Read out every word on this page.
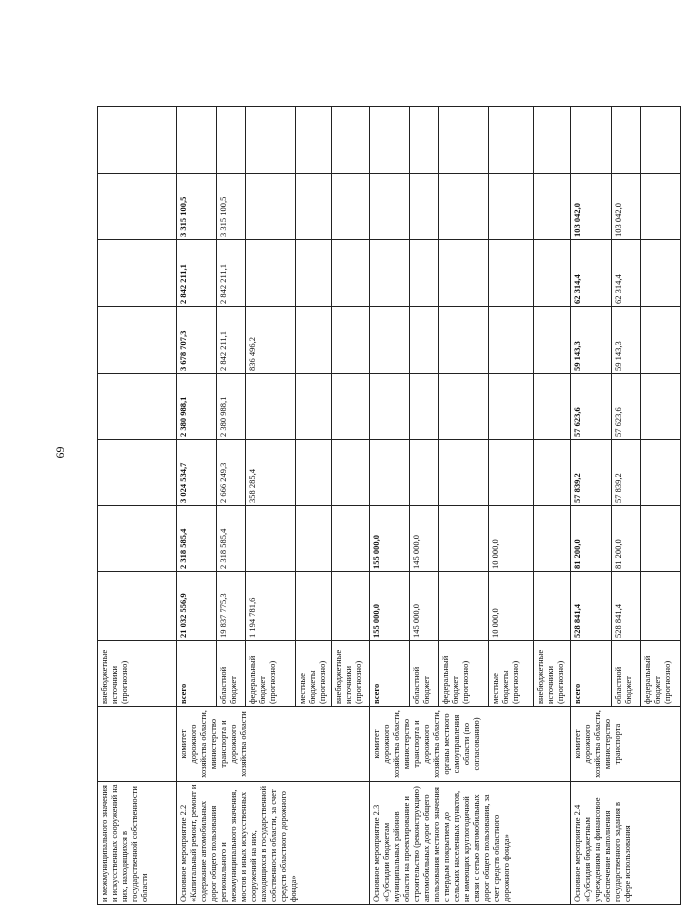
69
и межмуниципального значения и искусственных сооружений на них, находящихся в государственной собственности области		внебюджетные источники (прогнозно)									
Основное мероприятие 2.2 «Капитальный ремонт, ремонт и содержание автомобильных дорог общего пользования регионального и межмуниципального значения, мостов и иных искусственных сооружений на них, находящихся в государственной собственности области, за счет средств областного дорожного фонда»	комитет дорожного хозяйства области, министерство транспорта и дорожного хозяйства области	всего	21 032 556,9	2 318 585,4	3 024 534,7	2 380 988,1	3 678 707,3	2 842 211,1	3 315 100,5		
		областной бюджет	19 837 775,3	2 318 585,4	2 666 249,3	2 380 988,1	2 842 211,1	2 842 211,1	3 315 100,5		
		федеральный бюджет (прогнозно)	1 194 781,6		358 285,4		836 496,2				
		местные бюджеты (прогнозно)									
		внебюджетные источники (прогнозно)									
Основное мероприятие 2.3 «Субсидии бюджетам муниципальных районов области на проектирование и строительство (реконструкцию) автомобильных дорог общего пользования местного значения с твердым покрытием до сельских населенных пунктов, не имеющих круглогодичной связи с сетью автомобильных дорог общего пользования, за счет средств областного дорожного фонда»	комитет дорожного хозяйства области, министерство транспорта и дорожного хозяйства области, органы местного самоуправления области (по согласованию)	всего	155 000,0	155 000,0							
		областной бюджет	145 000,0	145 000,0							
		федеральный бюджет (прогнозно)									
		местные бюджеты (прогнозно)	10 000,0	10 000,0							
		внебюджетные источники (прогнозно)									
Основное мероприятие 2.4 «Субсидия бюджетным учреждениям на финансовое обеспечение выполнения государственного задания в сфере использования	комитет дорожного хозяйства области, министерство транспорта	всего	528 841,4	81 200,0	57 839,2	57 623,6	59 143,3	62 314,4	103 042,0		
		областной бюджет	528 841,4	81 200,0	57 839,2	57 623,6	59 143,3	62 314,4	103 042,0		
		федеральный бюджет (прогнозно)									
